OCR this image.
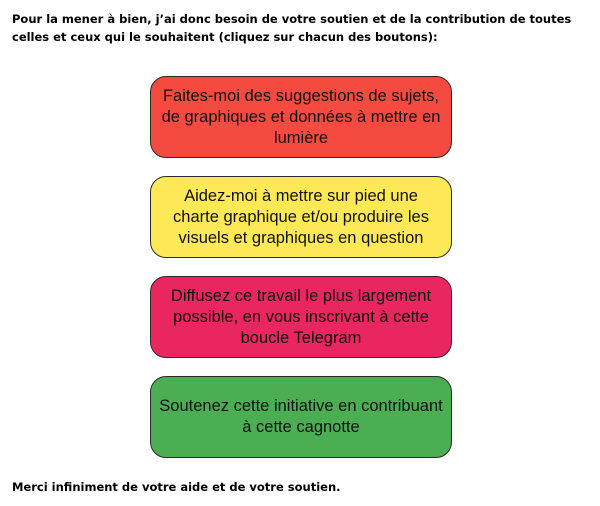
Pour la mener à bien, j’ai donc besoin de votre soutien et de la contribution de toutes celles et ceux qui le souhaitent (cliquez sur chacun des boutons):

Faites-moi des suggestions de sujets, de graphiques et données à mettre en lumière
Aidez-moi à mettre sur pied une charte graphique et/ou produire les visuels et graphiques en question
Diffusez ce travail le plus largement possible, en vous inscrivant à cette boucle Telegram
Soutenez cette initiative en contribuant à cette cagnotte

Merci infiniment de votre aide et de votre soutien.
